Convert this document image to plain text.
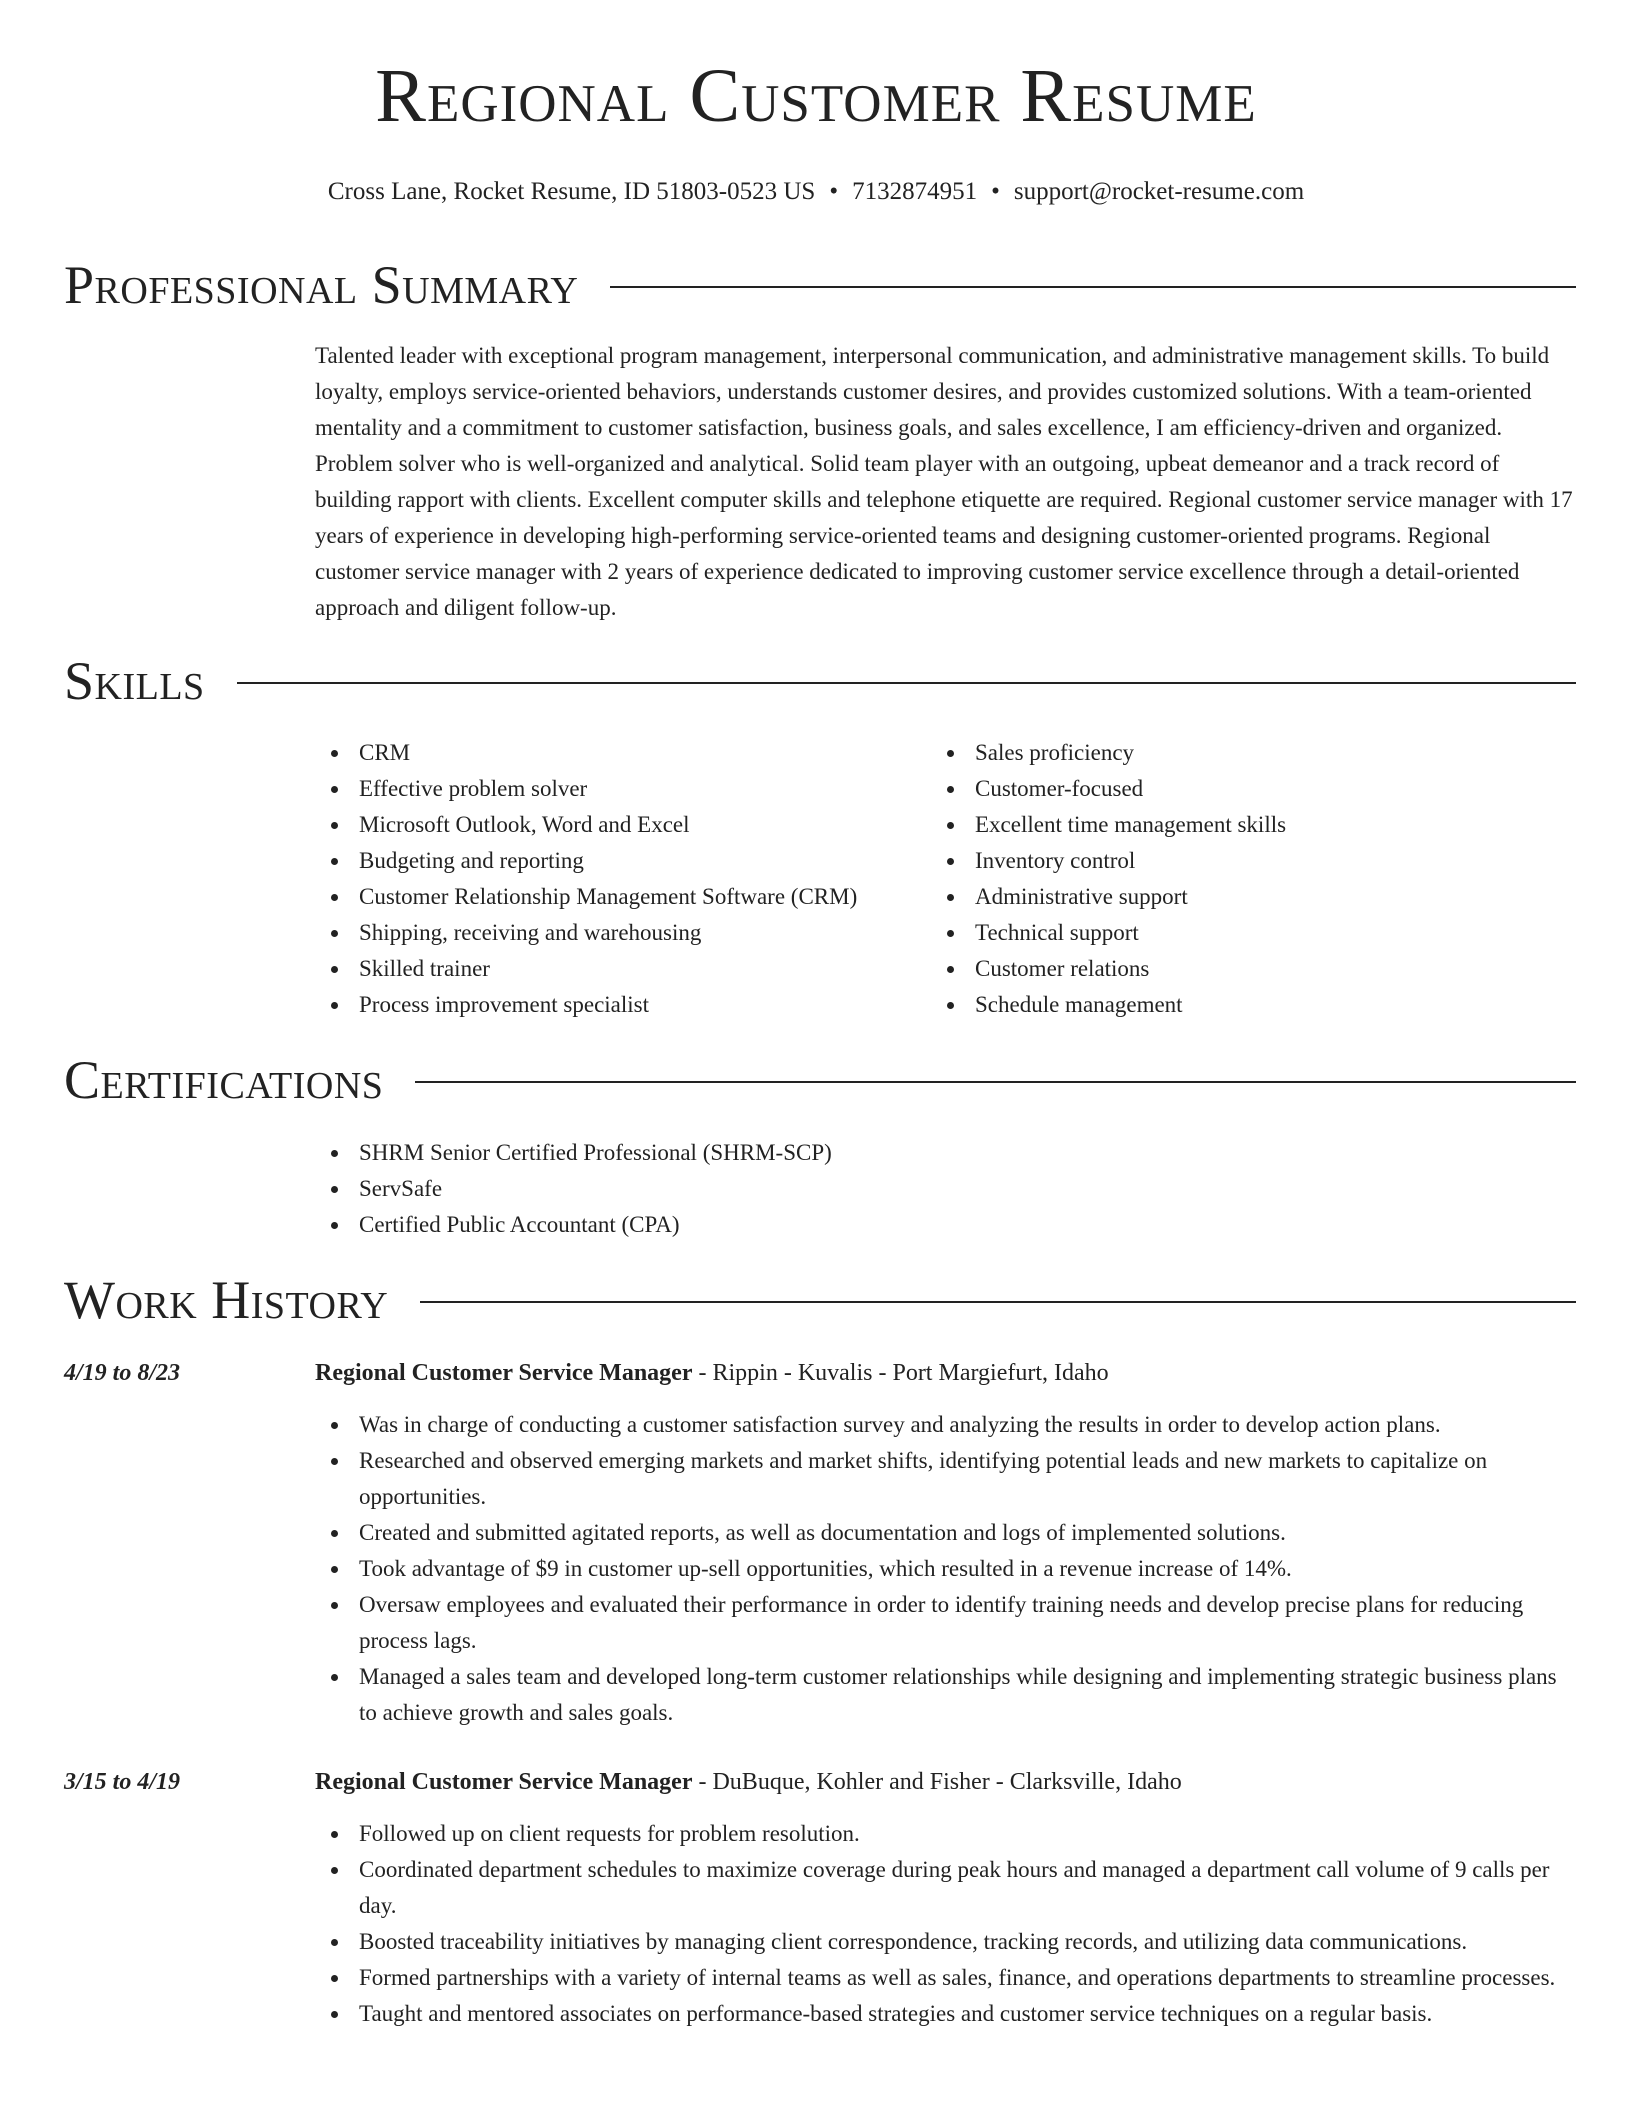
Regional Customer Resume
Cross Lane, Rocket Resume, ID 51803-0523 US • 7132874951 • support@rocket-resume.com
Professional Summary

Talented leader with exceptional program management, interpersonal communication, and administrative management skills. To build loyalty, employs service-oriented behaviors, understands customer desires, and provides customized solutions. With a team-oriented mentality and a commitment to customer satisfaction, business goals, and sales excellence, I am efficiency-driven and organized. Problem solver who is well-organized and analytical. Solid team player with an outgoing, upbeat demeanor and a track record of building rapport with clients. Excellent computer skills and telephone etiquette are required. Regional customer service manager with 17 years of experience in developing high-performing service-oriented teams and designing customer-oriented programs. Regional customer service manager with 2 years of experience dedicated to improving customer service excellence through a detail-oriented approach and diligent follow-up.

Skills
CRM
Effective problem solver
Microsoft Outlook, Word and Excel
Budgeting and reporting
Customer Relationship Management Software (CRM)
Shipping, receiving and warehousing
Skilled trainer
Process improvement specialist
Sales proficiency
Customer-focused
Excellent time management skills
Inventory control
Administrative support
Technical support
Customer relations
Schedule management
Certifications
SHRM Senior Certified Professional (SHRM-SCP)
ServSafe
Certified Public Accountant (CPA)
Work History
4/19 to 8/23	Regional Customer Service Manager - Rippin - Kuvalis - Port Margiefurt, Idaho
Was in charge of conducting a customer satisfaction survey and analyzing the results in order to develop action plans.
Researched and observed emerging markets and market shifts, identifying potential leads and new markets to capitalize on opportunities.
Created and submitted agitated reports, as well as documentation and logs of implemented solutions.
Took advantage of $9 in customer up-sell opportunities, which resulted in a revenue increase of 14%.
Oversaw employees and evaluated their performance in order to identify training needs and develop precise plans for reducing process lags.
Managed a sales team and developed long-term customer relationships while designing and implementing strategic business plans to achieve growth and sales goals.
3/15 to 4/19	Regional Customer Service Manager - DuBuque, Kohler and Fisher - Clarksville, Idaho
Followed up on client requests for problem resolution.
Coordinated department schedules to maximize coverage during peak hours and managed a department call volume of 9 calls per day.
Boosted traceability initiatives by managing client correspondence, tracking records, and utilizing data communications.
Formed partnerships with a variety of internal teams as well as sales, finance, and operations departments to streamline processes.
Taught and mentored associates on performance-based strategies and customer service techniques on a regular basis.
